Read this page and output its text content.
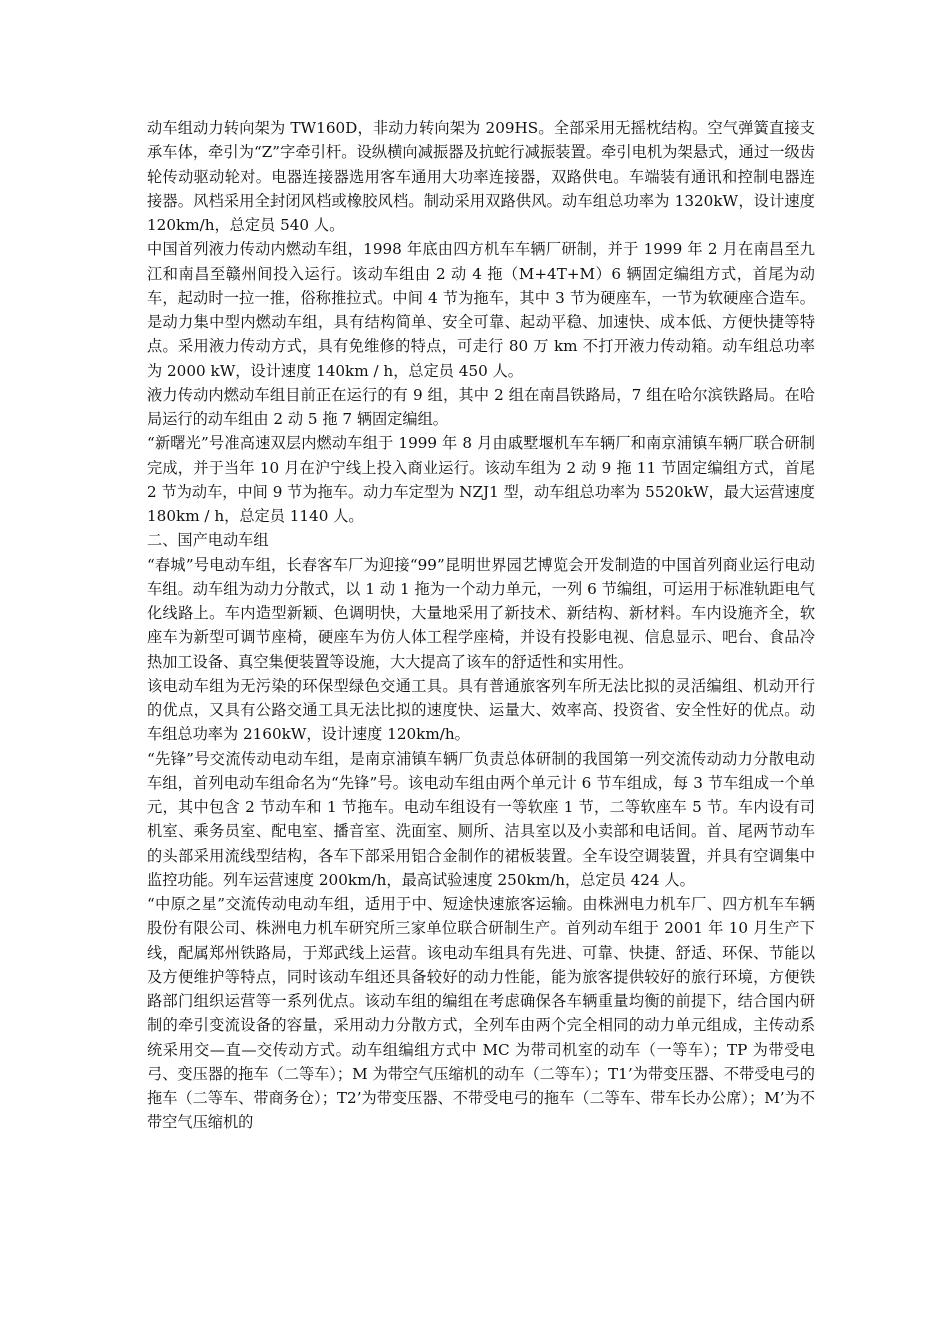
动车组动力转向架为 TW160D，非动力转向架为 209HS。全部采用无摇枕结构。空气弹簧直接支承车体，牵引为“Z”字牵引杆。设纵横向减振器及抗蛇行减振装置。牵引电机为架悬式，通过一级齿轮传动驱动轮对。电器连接器选用客车通用大功率连接器，双路供电。车端装有通讯和控制电器连接器。风档采用全封闭风档或橡胶风档。制动采用双路供风。动车组总功率为 1320kW，设计速度 120km/h，总定员 540 人。

中国首列液力传动内燃动车组，1998 年底由四方机车车辆厂研制，并于 1999 年 2 月在南昌至九江和南昌至赣州间投入运行。该动车组由 2 动 4 拖（M+4T+M）6 辆固定编组方式，首尾为动车，起动时一拉一推，俗称推拉式。中间 4 节为拖车，其中 3 节为硬座车，一节为软硬座合造车。是动力集中型内燃动车组，具有结构简单、安全可靠、起动平稳、加速快、成本低、方便快捷等特点。采用液力传动方式，具有免维修的特点，可走行 80 万 km 不打开液力传动箱。动车组总功率为 2000 kW，设计速度 140km / h，总定员 450 人。

液力传动内燃动车组目前正在运行的有 9 组，其中 2 组在南昌铁路局，7 组在哈尔滨铁路局。在哈局运行的动车组由 2 动 5 拖 7 辆固定编组。

“新曙光”号准高速双层内燃动车组于 1999 年 8 月由戚墅堰机车车辆厂和南京浦镇车辆厂联合研制完成，并于当年 10 月在沪宁线上投入商业运行。该动车组为 2 动 9 拖 11 节固定编组方式，首尾 2 节为动车，中间 9 节为拖车。动力车定型为 NZJ1 型，动车组总功率为 5520kW，最大运营速度 180km / h，总定员 1140 人。

二、国产电动车组

“春城”号电动车组，长春客车厂为迎接“99”昆明世界园艺博览会开发制造的中国首列商业运行电动车组。动车组为动力分散式，以 1 动 1 拖为一个动力单元，一列 6 节编组，可运用于标准轨距电气化线路上。车内造型新颖、色调明快，大量地采用了新技术、新结构、新材料。车内设施齐全，软座车为新型可调节座椅，硬座车为仿人体工程学座椅，并设有投影电视、信息显示、吧台、食品冷热加工设备、真空集便装置等设施，大大提高了该车的舒适性和实用性。

该电动车组为无污染的环保型绿色交通工具。具有普通旅客列车所无法比拟的灵活编组、机动开行的优点，又具有公路交通工具无法比拟的速度快、运量大、效率高、投资省、安全性好的优点。动车组总功率为 2160kW，设计速度 120km/h。

“先锋”号交流传动电动车组，是南京浦镇车辆厂负责总体研制的我国第一列交流传动动力分散电动车组，首列电动车组命名为“先锋”号。该电动车组由两个单元计 6 节车组成，每 3 节车组成一个单元，其中包含 2 节动车和 1 节拖车。电动车组设有一等软座 1 节，二等软座车 5 节。车内设有司机室、乘务员室、配电室、播音室、洗面室、厕所、洁具室以及小卖部和电话间。首、尾两节动车的头部采用流线型结构，各车下部采用铝合金制作的裙板装置。全车设空调装置，并具有空调集中监控功能。列车运营速度 200km/h，最高试验速度 250km/h，总定员 424 人。

“中原之星”交流传动电动车组，适用于中、短途快速旅客运输。由株洲电力机车厂、四方机车车辆股份有限公司、株洲电力机车研究所三家单位联合研制生产。首列动车组于 2001 年 10 月生产下线，配属郑州铁路局，于郑武线上运营。该电动车组具有先进、可靠、快捷、舒适、环保、节能以及方便维护等特点，同时该动车组还具备较好的动力性能，能为旅客提供较好的旅行环境，方便铁路部门组织运营等一系列优点。该动车组的编组在考虑确保各车辆重量均衡的前提下，结合国内研制的牵引变流设备的容量，采用动力分散方式，全列车由两个完全相同的动力单元组成，主传动系统采用交—直—交传动方式。动车组编组方式中 MC 为带司机室的动车（一等车）；TP 为带受电弓、变压器的拖车（二等车）；M 为带空气压缩机的动车（二等车）；T1’为带变压器、不带受电弓的拖车（二等车、带商务仓）；T2’为带变压器、不带受电弓的拖车（二等车、带车长办公席）；M’为不带空气压缩机的
